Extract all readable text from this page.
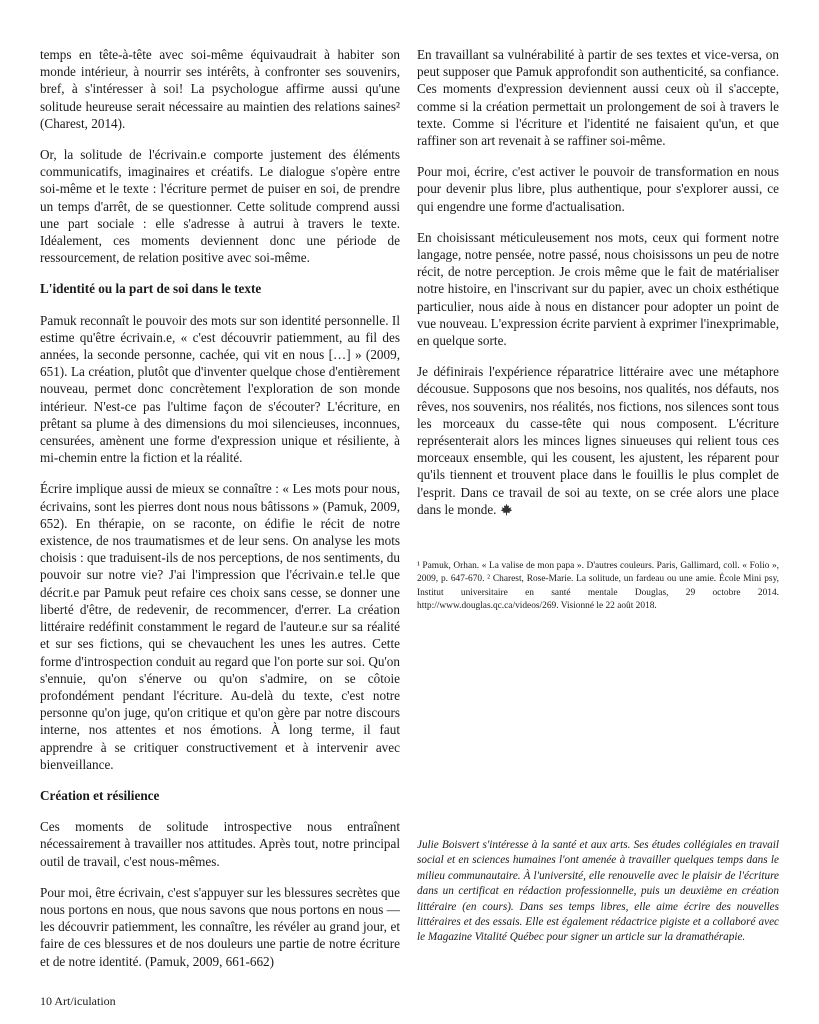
temps en tête-à-tête avec soi-même équivaudrait à habiter son monde intérieur, à nourrir ses intérêts, à confronter ses souvenirs, bref, à s'intéresser à soi! La psychologue affirme aussi qu'une solitude heureuse serait nécessaire au maintien des relations saines² (Charest, 2014).

Or, la solitude de l'écrivain.e comporte justement des éléments communicatifs, imaginaires et créatifs. Le dialogue s'opère entre soi-même et le texte : l'écriture permet de puiser en soi, de prendre un temps d'arrêt, de se questionner. Cette solitude comprend aussi une part sociale : elle s'adresse à autrui à travers le texte. Idéalement, ces moments deviennent donc une période de ressourcement, de relation positive avec soi-même.

L'identité ou la part de soi dans le texte

Pamuk reconnaît le pouvoir des mots sur son identité personnelle. Il estime qu'être écrivain.e, « c'est découvrir patiemment, au fil des années, la seconde personne, cachée, qui vit en nous […] » (2009, 651). La création, plutôt que d'inventer quelque chose d'entièrement nouveau, permet donc concrètement l'exploration de son monde intérieur. N'est-ce pas l'ultime façon de s'écouter? L'écriture, en prêtant sa plume à des dimensions du moi silencieuses, inconnues, censurées, amènent une forme d'expression unique et résiliente, à mi-chemin entre la fiction et la réalité.

Écrire implique aussi de mieux se connaître : « Les mots pour nous, écrivains, sont les pierres dont nous nous bâtissons » (Pamuk, 2009, 652). En thérapie, on se raconte, on édifie le récit de notre existence, de nos traumatismes et de leur sens. On analyse les mots choisis : que traduisent-ils de nos perceptions, de nos sentiments, du pouvoir sur notre vie? J'ai l'impression que l'écrivain.e tel.le que décrit.e par Pamuk peut refaire ces choix sans cesse, se donner une liberté d'être, de redevenir, de recommencer, d'errer. La création littéraire redéfinit constamment le regard de l'auteur.e sur sa réalité et sur ses fictions, qui se chevauchent les unes les autres. Cette forme d'introspection conduit au regard que l'on porte sur soi. Qu'on s'ennuie, qu'on s'énerve ou qu'on s'admire, on se côtoie profondément pendant l'écriture. Au-delà du texte, c'est notre personne qu'on juge, qu'on critique et qu'on gère par notre discours interne, nos attentes et nos émotions. À long terme, il faut apprendre à se critiquer constructivement et à intervenir avec bienveillance.

Création et résilience

Ces moments de solitude introspective nous entraînent nécessairement à travailler nos attitudes. Après tout, notre principal outil de travail, c'est nous-mêmes.

Pour moi, être écrivain, c'est s'appuyer sur les blessures secrètes que nous portons en nous, que nous savons que nous portons en nous — les découvrir patiemment, les connaître, les révéler au grand jour, et faire de ces blessures et de nos douleurs une partie de notre écriture et de notre identité. (Pamuk, 2009, 661-662)

En travaillant sa vulnérabilité à partir de ses textes et vice-versa, on peut supposer que Pamuk approfondit son authenticité, sa confiance. Ces moments d'expression deviennent aussi ceux où il s'accepte, comme si la création permettait un prolongement de soi à travers le texte. Comme si l'écriture et l'identité ne faisaient qu'un, et que raffiner son art revenait à se raffiner soi-même.

Pour moi, écrire, c'est activer le pouvoir de transformation en nous pour devenir plus libre, plus authentique, pour s'explorer aussi, ce qui engendre une forme d'actualisation.

En choisissant méticuleusement nos mots, ceux qui forment notre langage, notre pensée, notre passé, nous choisissons un peu de notre récit, de notre perception. Je crois même que le fait de matérialiser notre histoire, en l'inscrivant sur du papier, avec un choix esthétique particulier, nous aide à nous en distancer pour adopter un point de vue nouveau. L'expression écrite parvient à exprimer l'inexprimable, en quelque sorte.

Je définirais l'expérience réparatrice littéraire avec une métaphore décousue. Supposons que nos besoins, nos qualités, nos défauts, nos rêves, nos souvenirs, nos réalités, nos fictions, nos silences sont tous les morceaux du casse-tête qui nous composent. L'écriture représenterait alors les minces lignes sinueuses qui relient tous ces morceaux ensemble, qui les cousent, les ajustent, les réparent pour qu'ils tiennent et trouvent place dans le fouillis le plus complet de l'esprit. Dans ce travail de soi au texte, on se crée alors une place dans le monde.

¹ Pamuk, Orhan. « La valise de mon papa ». D'autres couleurs. Paris, Gallimard, coll. « Folio », 2009, p. 647-670. ² Charest, Rose-Marie. La solitude, un fardeau ou une amie. École Mini psy, Institut universitaire en santé mentale Douglas, 29 octobre 2014. http://www.douglas.qc.ca/videos/269. Visionné le 22 août 2018.

Julie Boisvert s'intéresse à la santé et aux arts. Ses études collégiales en travail social et en sciences humaines l'ont amenée à travailler quelques temps dans le milieu communautaire. À l'université, elle renouvelle avec le plaisir de l'écriture dans un certificat en rédaction professionnelle, puis un deuxième en création littéraire (en cours). Dans ses temps libres, elle aime écrire des nouvelles littéraires et des essais. Elle est également rédactrice pigiste et a collaboré avec le Magazine Vitalité Québec pour signer un article sur la dramathérapie.

10 Art/iculation
